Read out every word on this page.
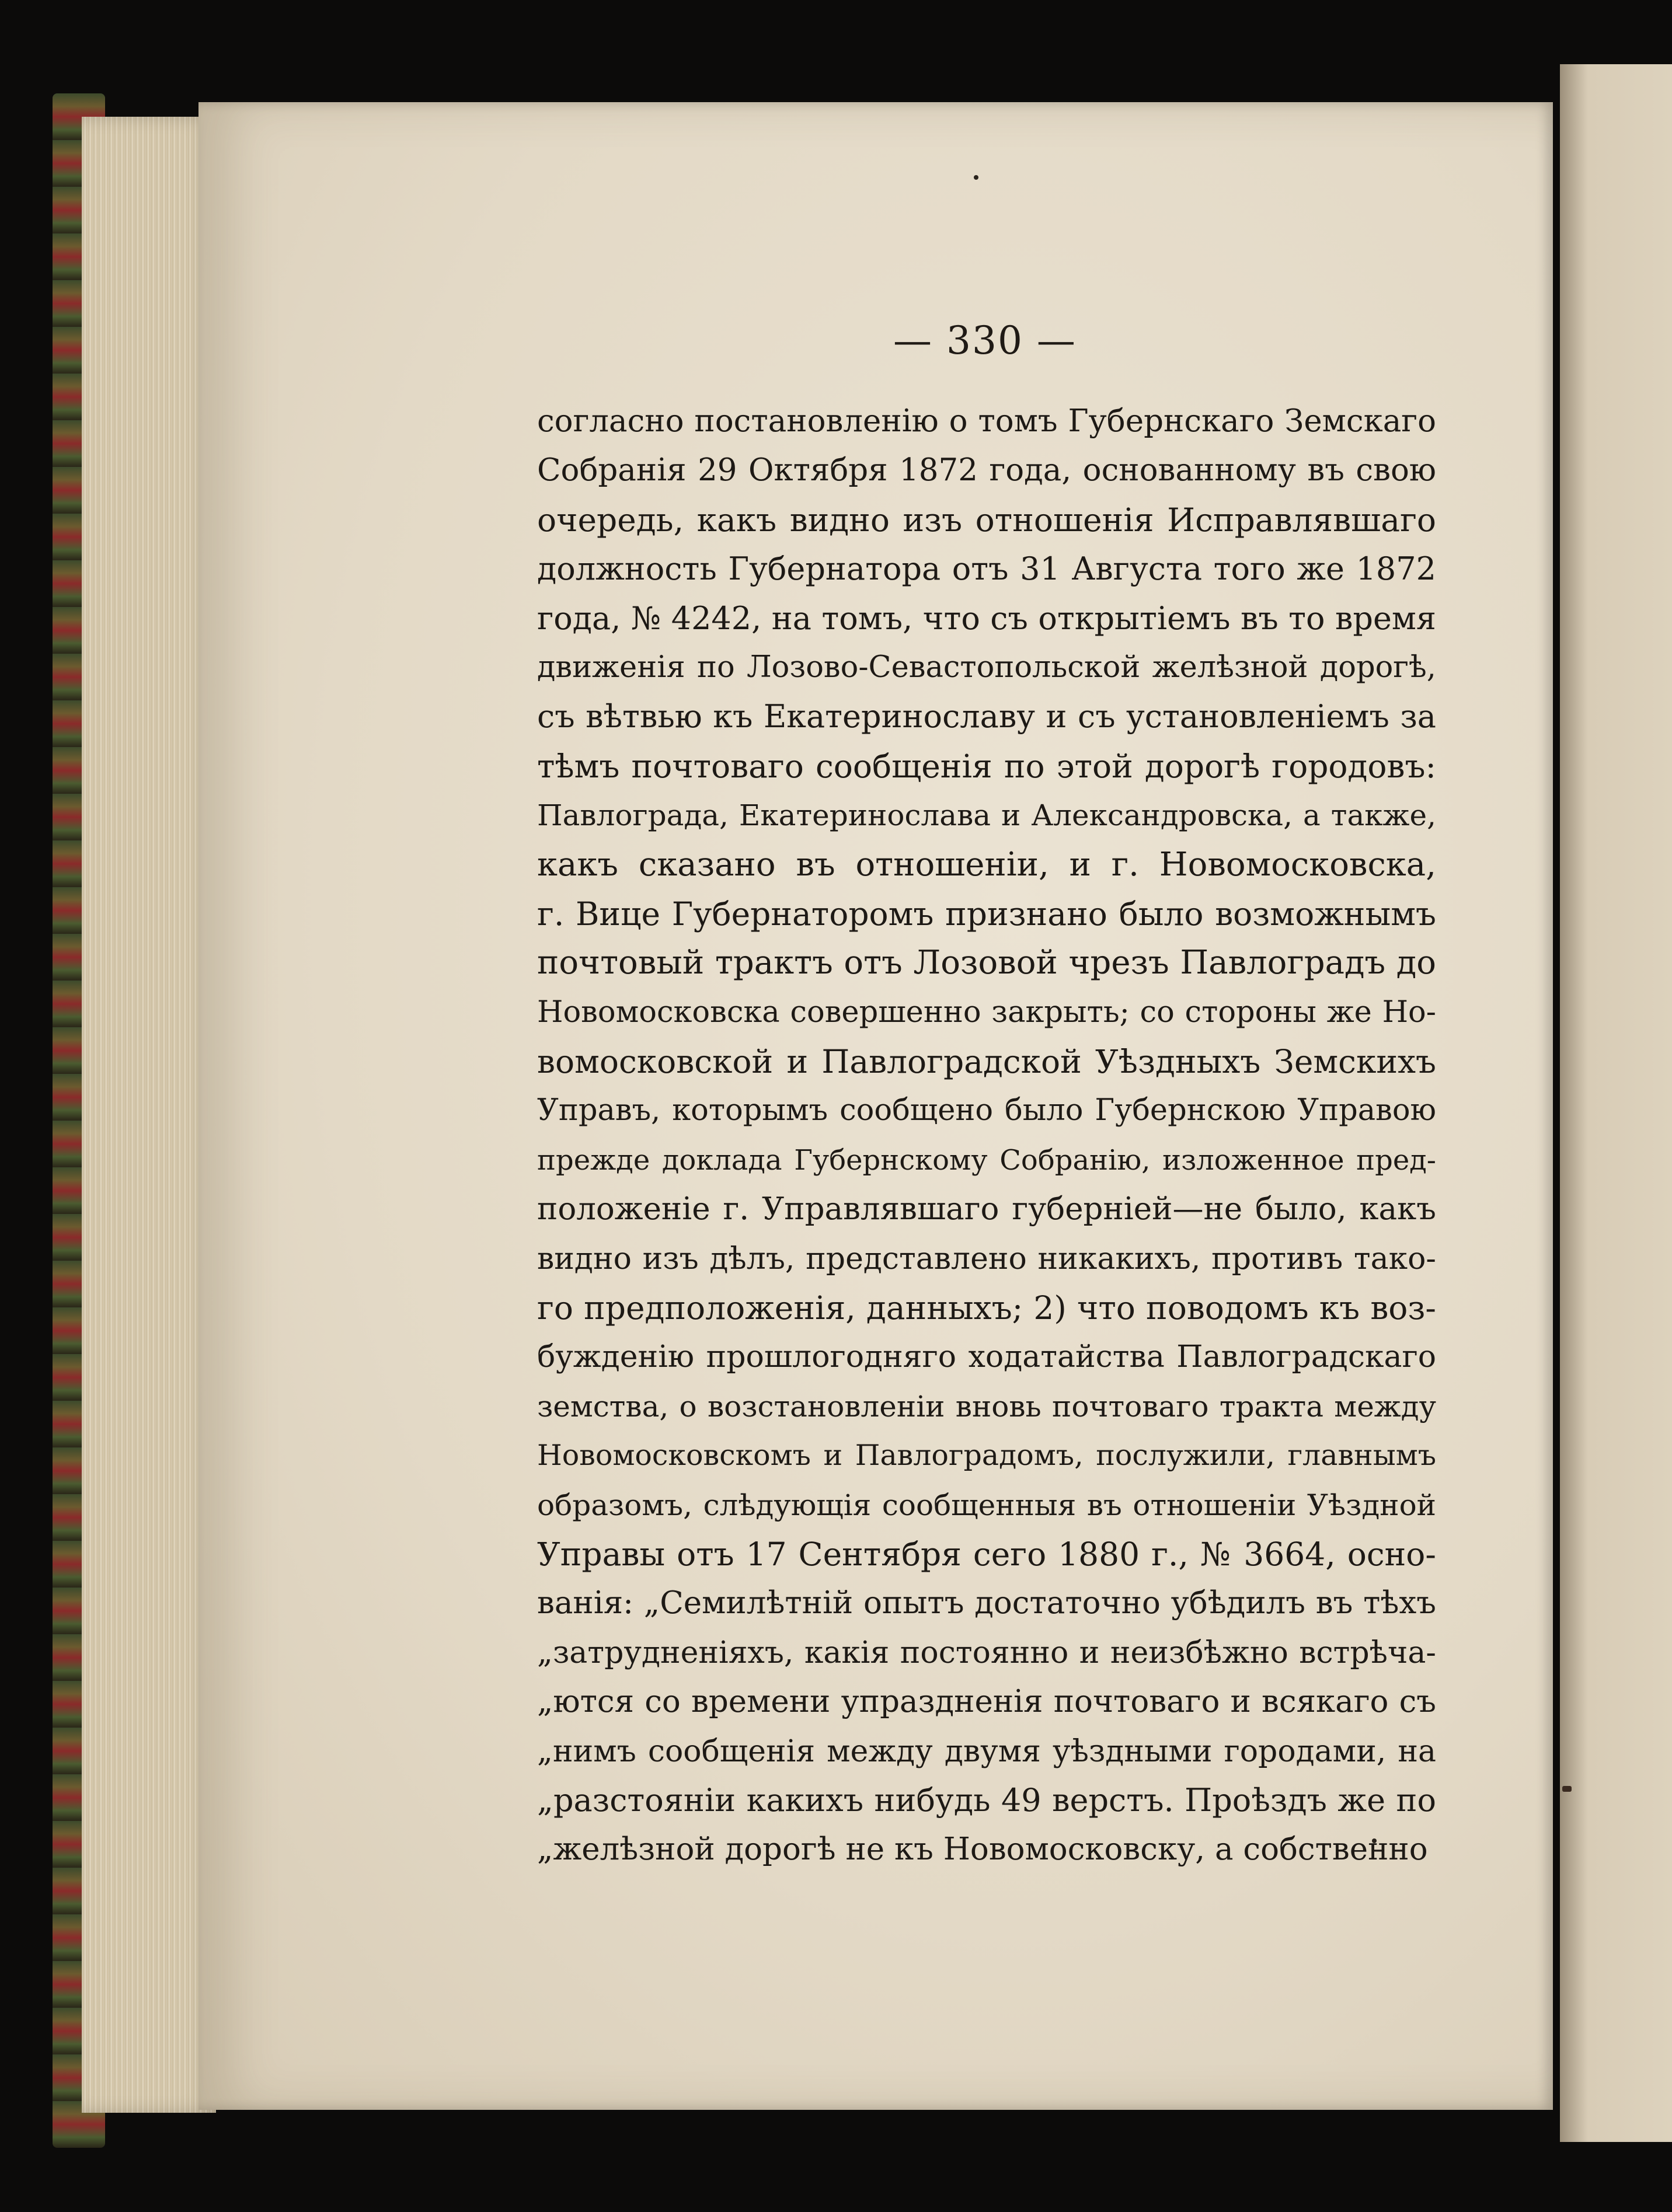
— 330 —
согласно постановленію о томъ Губернскаго Земскаго
Собранія 29 Октября 1872 года, основанному въ свою
очередь, какъ видно изъ отношенія Исправлявшаго
должность Губернатора отъ 31 Августа того же 1872
года, № 4242, на томъ, что съ открытіемъ въ то время
движенія по Лозово-Севастопольской желѣзной дорогѣ,
съ вѣтвью къ Екатеринославу и съ установленіемъ за
тѣмъ почтоваго сообщенія по этой дорогѣ городовъ:
Павлограда, Екатеринослава и Александровска, а также,
какъ сказано въ отношеніи, и г. Новомосковска,
г. Вице Губернаторомъ признано было возможнымъ
почтовый трактъ отъ Лозовой чрезъ Павлоградъ до
Новомосковска совершенно закрыть; со стороны же Но-
вомосковской и Павлоградской Уѣздныхъ Земскихъ
Управъ, которымъ сообщено было Губернскою Управою
прежде доклада Губернскому Собранію, изложенное пред-
положеніе г. Управлявшаго губерніей—не было, какъ
видно изъ дѣлъ, представлено никакихъ, противъ тако-
го предположенія, данныхъ; 2) что поводомъ къ воз-
бужденію прошлогодняго ходатайства Павлоградскаго
земства, о возстановленіи вновь почтоваго тракта между
Новомосковскомъ и Павлоградомъ, послужили, главнымъ
образомъ, слѣдующія сообщенныя въ отношеніи Уѣздной
Управы отъ 17 Сентября сего 1880 г., № 3664, осно-
ванія: „Семилѣтній опытъ достаточно убѣдилъ въ тѣхъ
„затрудненіяхъ, какія постоянно и неизбѣжно встрѣча-
„ются со времени упраздненія почтоваго и всякаго съ
„нимъ сообщенія между двумя уѣздными городами, на
„разстояніи какихъ нибудь 49 верстъ. Проѣздъ же по
„желѣзной дорогѣ не къ Новомосковску, а собственно
